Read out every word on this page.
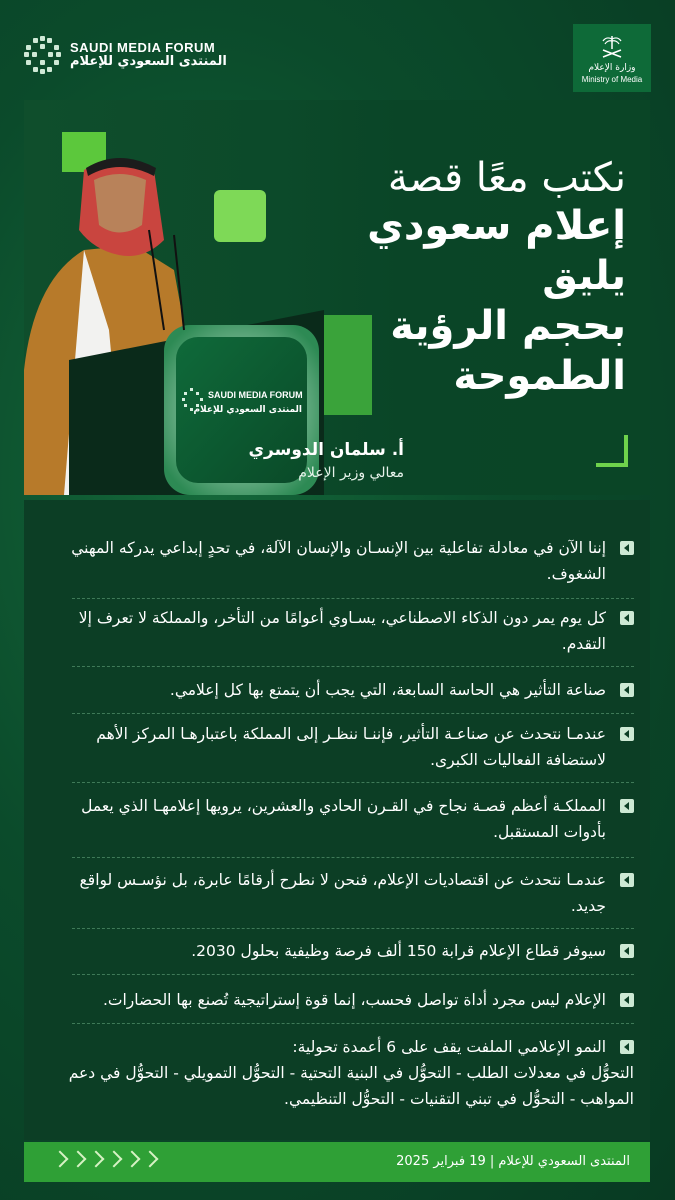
SAUDI MEDIA FORUM
المنتدى السعودي للإعلام	وزارة الإعلام
Ministry of Media
SAUDI MEDIA FORUM
المنتدى السعودي للإعلام
نكتب معًا قصة
إعلام سعودي يليق
بحجم الرؤية
الطموحة
أ. سلمان الدوسري
معالي وزير الإعلام
إننا الآن في معادلة تفاعلية بين الإنسـان والإنسان الآلة، في تحدٍ إبداعي يدركه المهني الشغوف.
كل يوم يمر دون الذكاء الاصطناعي، يسـاوي أعوامًا من التأخر، والمملكة لا تعرف إلا التقدم.
صناعة التأثير هي الحاسة السابعة، التي يجب أن يتمتع بها كل إعلامي.
عندمـا نتحدث عن صناعـة التأثير، فإننـا ننظـر إلى المملكة باعتبارهـا المركز الأهم لاستضافة الفعاليات الكبرى.
المملكـة أعظم قصـة نجاح في القـرن الحادي والعشرين، يرويها إعلامهـا الذي يعمل بأدوات المستقبل.
عندمـا نتحدث عن اقتصاديات الإعلام، فنحن لا نطرح أرقامًا عابرة، بل نؤسـس لواقع جديد.
سيوفر قطاع الإعلام قرابة 150 ألف فرصة وظيفية بحلول 2030.
الإعلام ليس مجرد أداة تواصل فحسب، إنما قوة إستراتيجية تُصنع بها الحضارات.
النمو الإعلامي الملفت يقف على 6 أعمدة تحولية:
التحوُّل في معدلات الطلب - التحوُّل في البنية التحتية - التحوُّل التمويلي - التحوُّل في دعم المواهب - التحوُّل في تبني التقنيات - التحوُّل التنظيمي.
المنتدى السعودي للإعلام | 19 فبراير 2025
